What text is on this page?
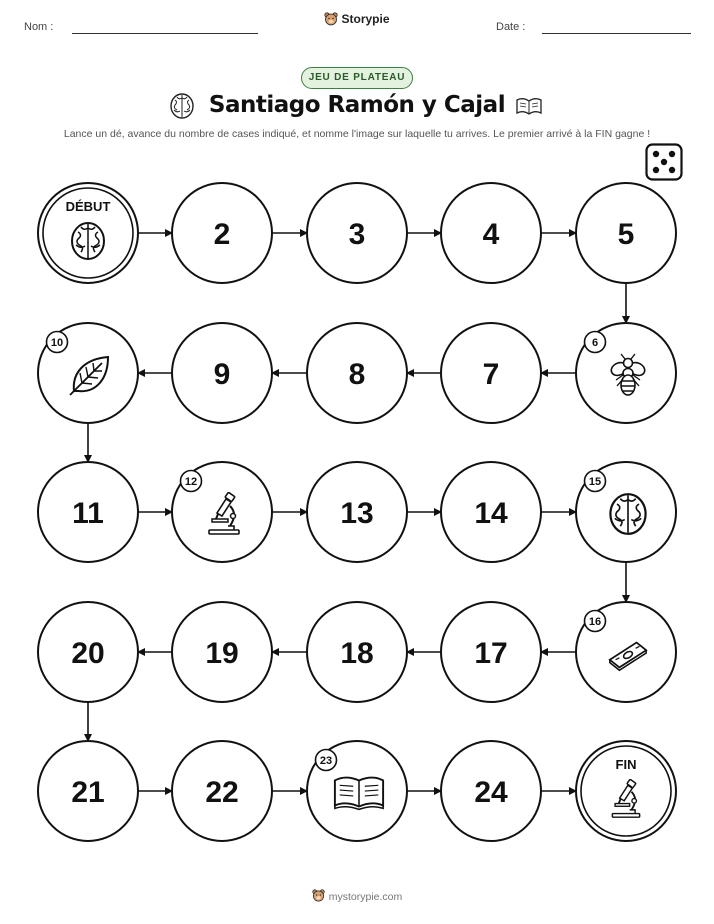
Nom :
Storypie
Date :
JEU DE PLATEAU
Santiago Ramón y Cajal
Lance un dé, avance du nombre de cases indiqué, et nomme l'image sur laquelle tu arrives. Le premier arrivé à la FIN gagne !
DÉBUT
2	3	4	5
6
7
8
9
10
11
12
13	14
15
16
17
18
19
20
21	22
23
24
FIN
mystorypie.com
